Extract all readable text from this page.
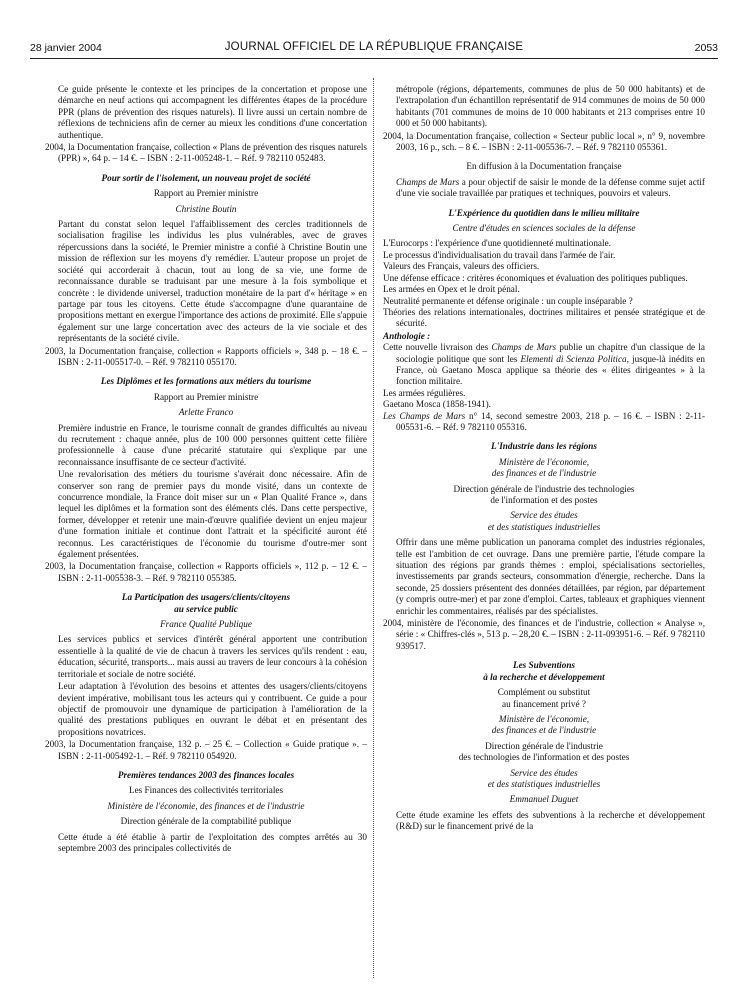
28 janvier 2004	JOURNAL OFFICIEL DE LA RÉPUBLIQUE FRANÇAISE	2053

Ce guide présente le contexte et les principes de la concertation et propose une démarche en neuf actions qui accompagnent les différentes étapes de la procédure PPR (plans de prévention des risques naturels). Il livre aussi un certain nombre de réflexions de techniciens afin de cerner au mieux les conditions d'une concertation authentique.

2004, la Documentation française, collection « Plans de prévention des risques naturels (PPR) », 64 p. – 14 €. – ISBN : 2-11-005248-1. – Réf. 9 782110 052483.

Pour sortir de l'isolement, un nouveau projet de société
Rapport au Premier ministre
Christine Boutin

Partant du constat selon lequel l'affaiblissement des cercles traditionnels de socialisation fragilise les individus les plus vulnérables, avec de graves répercussions dans la société, le Premier ministre a confié à Christine Boutin une mission de réflexion sur les moyens d'y remédier. L'auteur propose un projet de société qui accorderait à chacun, tout au long de sa vie, une forme de reconnaissance durable se traduisant par une mesure à la fois symbolique et concrète : le dividende universel, traduction monétaire de la part d'« héritage » en partage par tous les citoyens. Cette étude s'accompagne d'une quarantaine de propositions mettant en exergue l'importance des actions de proximité. Elle s'appuie également sur une large concertation avec des acteurs de la vie sociale et des représentants de la société civile.

2003, la Documentation française, collection « Rapports officiels », 348 p. – 18 €. – ISBN : 2-11-005517-0. – Réf. 9 782110 055170.

Les Diplômes et les formations aux métiers du tourisme
Rapport au Premier ministre
Arlette Franco

Première industrie en France, le tourisme connaît de grandes difficultés au niveau du recrutement : chaque année, plus de 100 000 personnes quittent cette filière professionnelle à cause d'une précarité statutaire qui s'explique par une reconnaissance insuffisante de ce secteur d'activité.

Une revalorisation des métiers du tourisme s'avérait donc nécessaire. Afin de conserver son rang de premier pays du monde visité, dans un contexte de concurrence mondiale, la France doit miser sur un « Plan Qualité France », dans lequel les diplômes et la formation sont des éléments clés. Dans cette perspective, former, développer et retenir une main-d'œuvre qualifiée devient un enjeu majeur d'une formation initiale et continue dont l'attrait et la spécificité auront été reconnus. Les caractéristiques de l'économie du tourisme d'outre-mer sont également présentées.

2003, la Documentation française, collection « Rapports officiels », 112 p. – 12 €. – ISBN : 2-11-005538-3. – Réf. 9 782110 055385.

La Participation des usagers/clients/citoyens
au service public
France Qualité Publique

Les services publics et services d'intérêt général apportent une contribution essentielle à la qualité de vie de chacun à travers les services qu'ils rendent : eau, éducation, sécurité, transports... mais aussi au travers de leur concours à la cohésion territoriale et sociale de notre société.

Leur adaptation à l'évolution des besoins et attentes des usagers/clients/citoyens devient impérative, mobilisant tous les acteurs qui y contribuent. Ce guide a pour objectif de promouvoir une dynamique de participation à l'amélioration de la qualité des prestations publiques en ouvrant le débat et en présentant des propositions novatrices.

2003, la Documentation française, 132 p. – 25 €. – Collection « Guide pratique ». – ISBN : 2-11-005492-1. – Réf. 9 782110 054920.

Premières tendances 2003 des finances locales
Les Finances des collectivités territoriales
Ministère de l'économie, des finances et de l'industrie
Direction générale de la comptabilité publique

Cette étude a été établie à partir de l'exploitation des comptes arrêtés au 30 septembre 2003 des principales collectivités de

métropole (régions, départements, communes de plus de 50 000 habitants) et de l'extrapolation d'un échantillon représentatif de 914 communes de moins de 50 000 habitants (701 communes de moins de 10 000 habitants et 213 comprises entre 10 000 et 50 000 habitants).

2004, la Documentation française, collection « Secteur public local », n° 9, novembre 2003, 16 p., sch. – 8 €. – ISBN : 2-11-005536-7. – Réf. 9 782110 055361.

En diffusion à la Documentation française

Champs de Mars a pour objectif de saisir le monde de la défense comme sujet actif d'une vie sociale travaillée par pratiques et techniques, pouvoirs et valeurs.

L'Expérience du quotidien dans le milieu militaire
Centre d'études en sciences sociales de la défense

L'Eurocorps : l'expérience d'une quotidienneté multinationale.

Le processus d'individualisation du travail dans l'armée de l'air.

Valeurs des Français, valeurs des officiers.

Une défense efficace : critères économiques et évaluation des politiques publiques.

Les armées en Opex et le droit pénal.

Neutralité permanente et défense originale : un couple inséparable ?

Théories des relations internationales, doctrines militaires et pensée stratégique et de sécurité.

Anthologie :

Cette nouvelle livraison des Champs de Mars publie un chapitre d'un classique de la sociologie politique que sont les Elementi di Scienza Politica, jusque-là inédits en France, où Gaetano Mosca applique sa théorie des « élites dirigeantes » à la fonction militaire.

Les armées régulières.

Gaetano Mosca (1858-1941).

Les Champs de Mars n° 14, second semestre 2003, 218 p. – 16 €. – ISBN : 2-11-005531-6. – Réf. 9 782110 055316.

L'Industrie dans les régions
Ministère de l'économie,
des finances et de l'industrie
Direction générale de l'industrie des technologies
de l'information et des postes
Service des études
et des statistiques industrielles

Offrir dans une même publication un panorama complet des industries régionales, telle est l'ambition de cet ouvrage. Dans une première partie, l'étude compare la situation des régions par grands thèmes : emploi, spécialisations sectorielles, investissements par grands secteurs, consommation d'énergie, recherche. Dans la seconde, 25 dossiers présentent des données détaillées, par région, par département (y compris outre-mer) et par zone d'emploi. Cartes, tableaux et graphiques viennent enrichir les commentaires, réalisés par des spécialistes.

2004, ministère de l'économie, des finances et de l'industrie, collection « Analyse », série : « Chiffres-clés », 513 p. – 28,20 €. – ISBN : 2-11-093951-6. – Réf. 9 782110 939517.

Les Subventions
à la recherche et développement
Complément ou substitut
au financement privé ?
Ministère de l'économie,
des finances et de l'industrie
Direction générale de l'industrie
des technologies de l'information et des postes
Service des études
et des statistiques industrielles
Emmanuel Duguet

Cette étude examine les effets des subventions à la recherche et développement (R&D) sur le financement privé de la
